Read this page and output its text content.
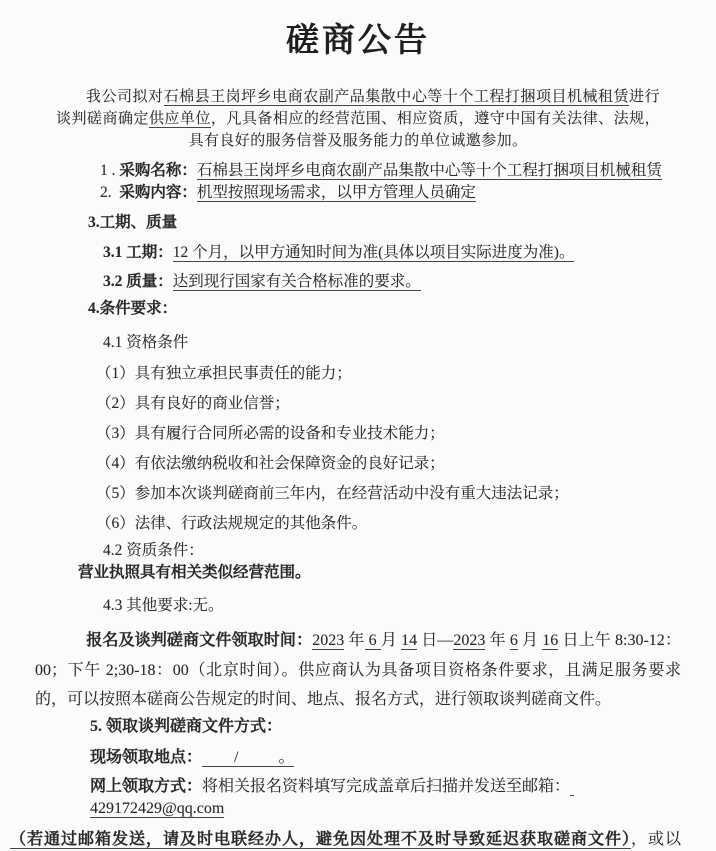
磋商公告

我公司拟对石棉县王岗坪乡电商农副产品集散中心等十个工程打捆项目机械租赁进行谈判磋商确定供应单位，凡具备相应的经营范围、相应资质，遵守中国有关法律、法规，具有良好的服务信誉及服务能力的单位诚邀参加。

1 . 采购名称：石棉县王岗坪乡电商农副产品集散中心等十个工程打捆项目机械租赁

2.  采购内容：机型按照现场需求，以甲方管理人员确定

3.工期、质量

3.1 工期：12 个月，以甲方通知时间为准(具体以项目实际进度为准)。

3.2 质量：达到现行国家有关合格标准的要求。

4.条件要求：

4.1 资格条件

（1）具有独立承担民事责任的能力；

（2）具有良好的商业信誉；

（3）具有履行合同所必需的设备和专业技术能力；

（4）有依法缴纳税收和社会保障资金的良好记录；

（5）参加本次谈判磋商前三年内，在经营活动中没有重大违法记录；

（6）法律、行政法规规定的其他条件。

4.2 资质条件：

营业执照具有相关类似经营范围。

4.3 其他要求:无。

报名及谈判磋商文件领取时间：2023 年 6 月 14 日—2023 年 6 月 16 日上午 8:30-12：00；下午 2;30-18：00（北京时间）。供应商认为具备项目资格条件要求，且满足服务要求的，可以按照本磋商公告规定的时间、地点、报名方式，进行领取谈判磋商文件。

5. 领取谈判磋商文件方式：

现场领取地点：        /          。

网上领取方式：将相关报名资料填写完成盖章后扫描并发送至邮箱： 429172429@qq.com

（若通过邮箱发送，请及时电联经办人，避免因处理不及时导致延迟获取磋商文件），或以
